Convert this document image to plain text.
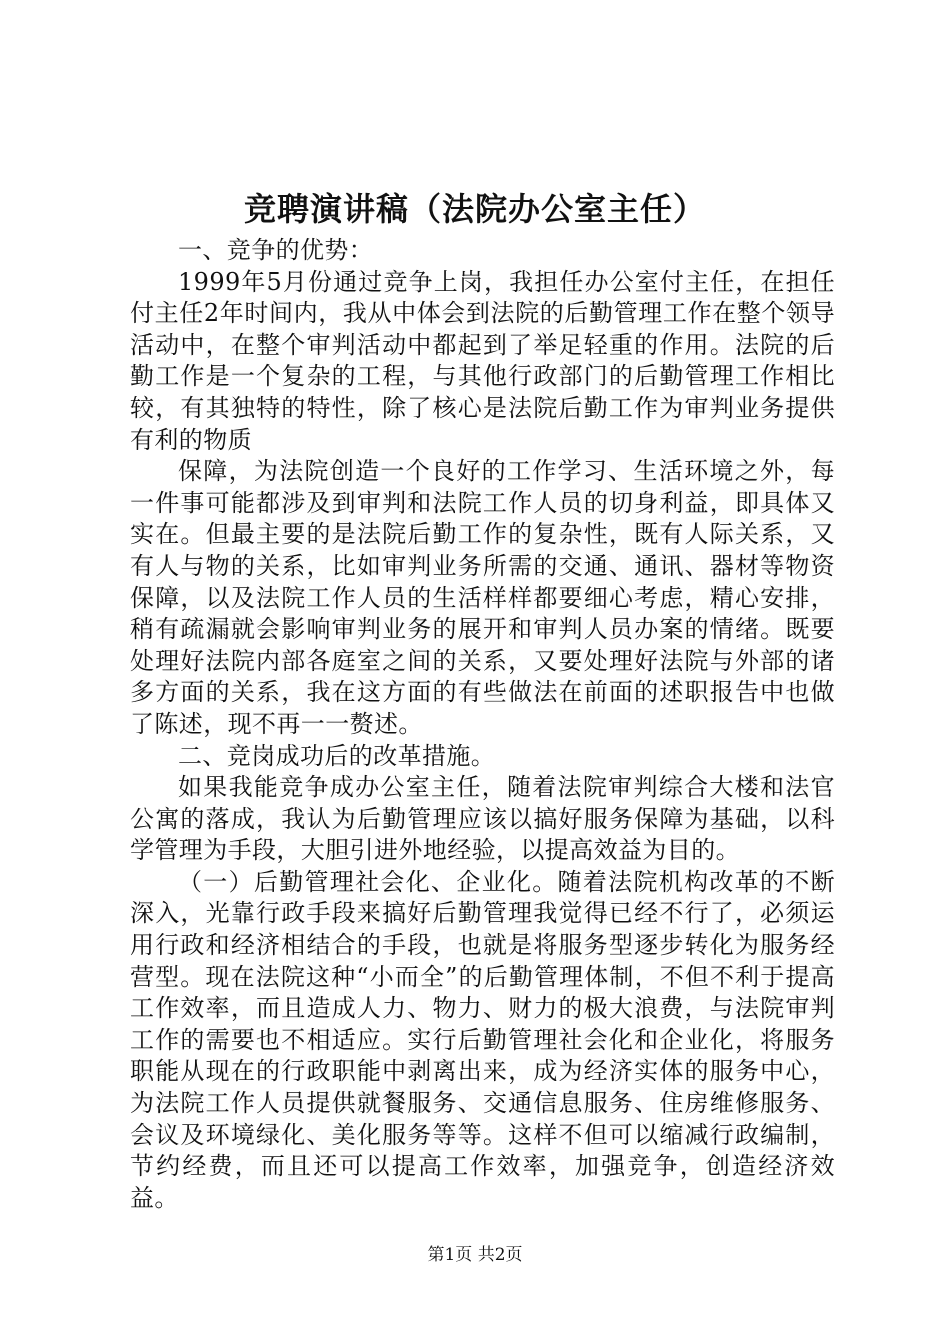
竞聘演讲稿（法院办公室主任）

一、竞争的优势：

1999年5月份通过竞争上岗，我担任办公室付主任，在担任付主任2年时间内，我从中体会到法院的后勤管理工作在整个领导活动中，在整个审判活动中都起到了举足轻重的作用。法院的后勤工作是一个复杂的工程，与其他行政部门的后勤管理工作相比较，有其独特的特性，除了核心是法院后勤工作为审判业务提供有利的物质

保障，为法院创造一个良好的工作学习、生活环境之外，每一件事可能都涉及到审判和法院工作人员的切身利益，即具体又实在。但最主要的是法院后勤工作的复杂性，既有人际关系，又有人与物的关系，比如审判业务所需的交通、通讯、器材等物资保障，以及法院工作人员的生活样样都要细心考虑，精心安排，稍有疏漏就会影响审判业务的展开和审判人员办案的情绪。既要处理好法院内部各庭室之间的关系，又要处理好法院与外部的诸多方面的关系，我在这方面的有些做法在前面的述职报告中也做了陈述，现不再一一赘述。

二、竞岗成功后的改革措施。

如果我能竞争成办公室主任，随着法院审判综合大楼和法官公寓的落成，我认为后勤管理应该以搞好服务保障为基础，以科学管理为手段，大胆引进外地经验，以提高效益为目的。

（一）后勤管理社会化、企业化。随着法院机构改革的不断深入，光靠行政手段来搞好后勤管理我觉得已经不行了，必须运用行政和经济相结合的手段，也就是将服务型逐步转化为服务经营型。现在法院这种“小而全”的后勤管理体制，不但不利于提高工作效率，而且造成人力、物力、财力的极大浪费，与法院审判工作的需要也不相适应。实行后勤管理社会化和企业化，将服务职能从现在的行政职能中剥离出来，成为经济实体的服务中心，为法院工作人员提供就餐服务、交通信息服务、住房维修服务、会议及环境绿化、美化服务等等。这样不但可以缩减行政编制，节约经费，而且还可以提高工作效率，加强竞争，创造经济效益。

第1页 共2页
